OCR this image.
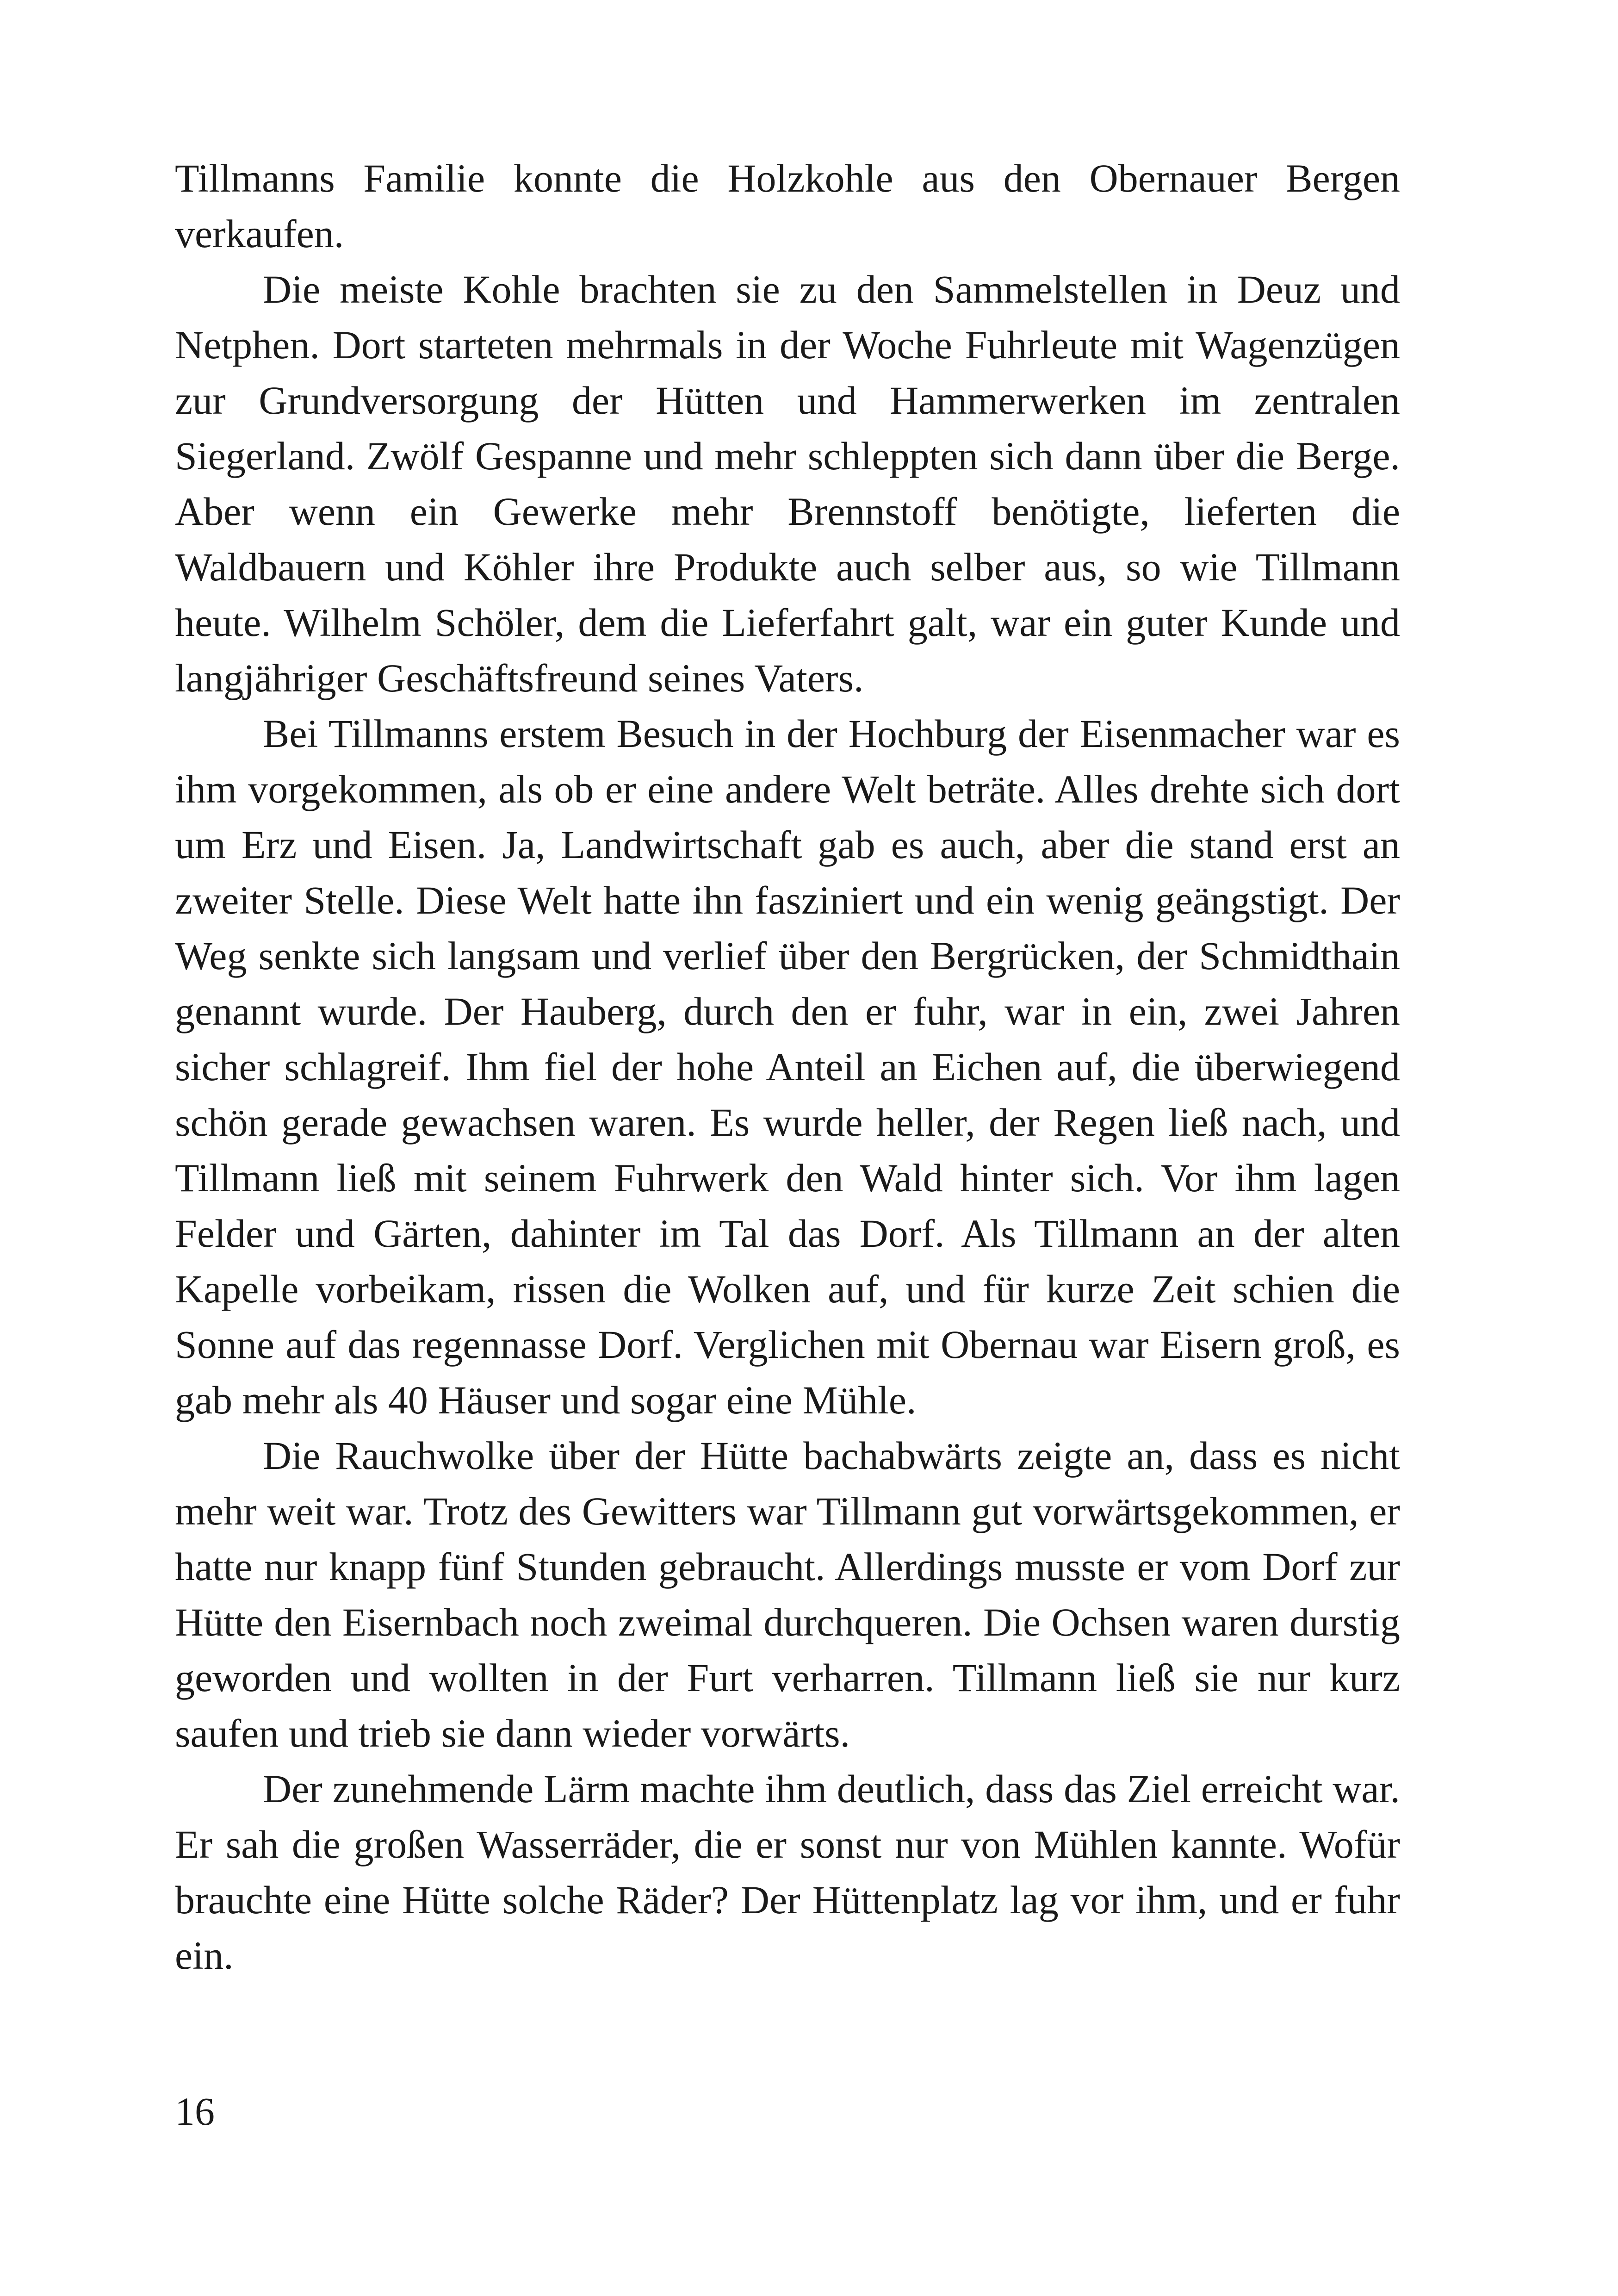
Tillmanns Familie konnte die Holzkohle aus den Obernauer Bergen verkaufen.

Die meiste Kohle brachten sie zu den Sammelstellen in Deuz und Netphen. Dort starteten mehrmals in der Woche Fuhrleute mit Wagenzügen zur Grundversorgung der Hütten und Hammerwerken im zentralen Siegerland. Zwölf Gespanne und mehr schleppten sich dann über die Berge. Aber wenn ein Gewerke mehr Brennstoff benötigte, lieferten die Waldbauern und Köhler ihre Produkte auch selber aus, so wie Tillmann heute. Wilhelm Schöler, dem die Lieferfahrt galt, war ein guter Kunde und langjähriger Geschäftsfreund seines Vaters.

Bei Tillmanns erstem Besuch in der Hochburg der Eisenmacher war es ihm vorgekommen, als ob er eine andere Welt beträte. Alles drehte sich dort um Erz und Eisen. Ja, Landwirtschaft gab es auch, aber die stand erst an zweiter Stelle. Diese Welt hatte ihn fasziniert und ein wenig geängstigt. Der Weg senkte sich langsam und verlief über den Bergrücken, der Schmidthain genannt wurde. Der Hauberg, durch den er fuhr, war in ein, zwei Jahren sicher schlagreif. Ihm fiel der hohe Anteil an Eichen auf, die überwiegend schön gerade gewachsen waren. Es wurde heller, der Regen ließ nach, und Tillmann ließ mit seinem Fuhrwerk den Wald hinter sich. Vor ihm lagen Felder und Gärten, dahinter im Tal das Dorf. Als Tillmann an der alten Kapelle vorbeikam, rissen die Wolken auf, und für kurze Zeit schien die Sonne auf das regennasse Dorf. Verglichen mit Obernau war Eisern groß, es gab mehr als 40 Häuser und sogar eine Mühle.

Die Rauchwolke über der Hütte bachabwärts zeigte an, dass es nicht mehr weit war. Trotz des Gewitters war Tillmann gut vorwärtsgekommen, er hatte nur knapp fünf Stunden gebraucht. Allerdings musste er vom Dorf zur Hütte den Eisernbach noch zweimal durchqueren. Die Ochsen waren durstig geworden und wollten in der Furt verharren. Tillmann ließ sie nur kurz saufen und trieb sie dann wieder vorwärts.

Der zunehmende Lärm machte ihm deutlich, dass das Ziel erreicht war. Er sah die großen Wasserräder, die er sonst nur von Mühlen kannte. Wofür brauchte eine Hütte solche Räder? Der Hüttenplatz lag vor ihm, und er fuhr ein.

16
